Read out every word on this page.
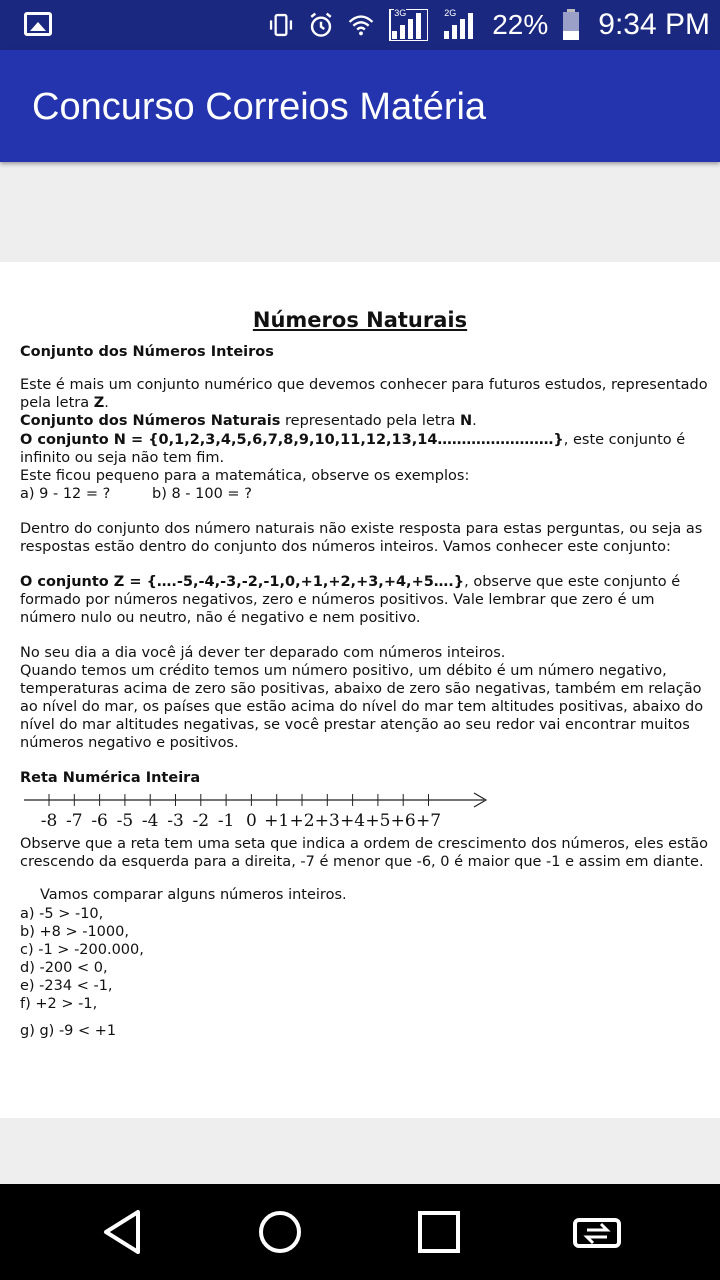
3G	2G 22% 9:34 PM
Concurso Correios Matéria
Números Naturais
Conjunto dos Números Inteiros
Este é mais um conjunto numérico que devemos conhecer para futuros estudos, representado
pela letra Z.
Conjunto dos Números Naturais representado pela letra N.
O conjunto N = {0,1,2,3,4,5,6,7,8,9,10,11,12,13,14……………………}, este conjunto é
infinito ou seja não tem fim.
Este ficou pequeno para a matemática, observe os exemplos:
a) 9 - 12 = ?	b) 8 - 100 = ?
Dentro do conjunto dos número naturais não existe resposta para estas perguntas, ou seja as
respostas estão dentro do conjunto dos números inteiros. Vamos conhecer este conjunto:
O conjunto Z = {….-5,-4,-3,-2,-1,0,+1,+2,+3,+4,+5….}, observe que este conjunto é
formado por números negativos, zero e números positivos. Vale lembrar que zero é um
número nulo ou neutro, não é negativo e nem positivo.
No seu dia a dia você já dever ter deparado com números inteiros.
Quando temos um crédito temos um número positivo, um débito é um número negativo,
temperaturas acima de zero são positivas, abaixo de zero são negativas, também em relação
ao nível do mar, os países que estão acima do nível do mar tem altitudes positivas, abaixo do
nível do mar altitudes negativas, se você prestar atenção ao seu redor vai encontrar muitos
números negativo e positivos.
Reta Numérica Inteira
-8 -7 -6 -5 -4 -3 -2 -1 0 +1 +2 +3 +4 +5 +6 +7
Observe que a reta tem uma seta que indica a ordem de crescimento dos números, eles estão
crescendo da esquerda para a direita, -7 é menor que -6, 0 é maior que -1 e assim em diante.
Vamos comparar alguns números inteiros.
a) -5 > -10,
b) +8 > -1000,
c) -1 > -200.000,
d) -200 < 0,
e) -234 < -1,
f) +2 > -1,
g) g) -9 < +1
